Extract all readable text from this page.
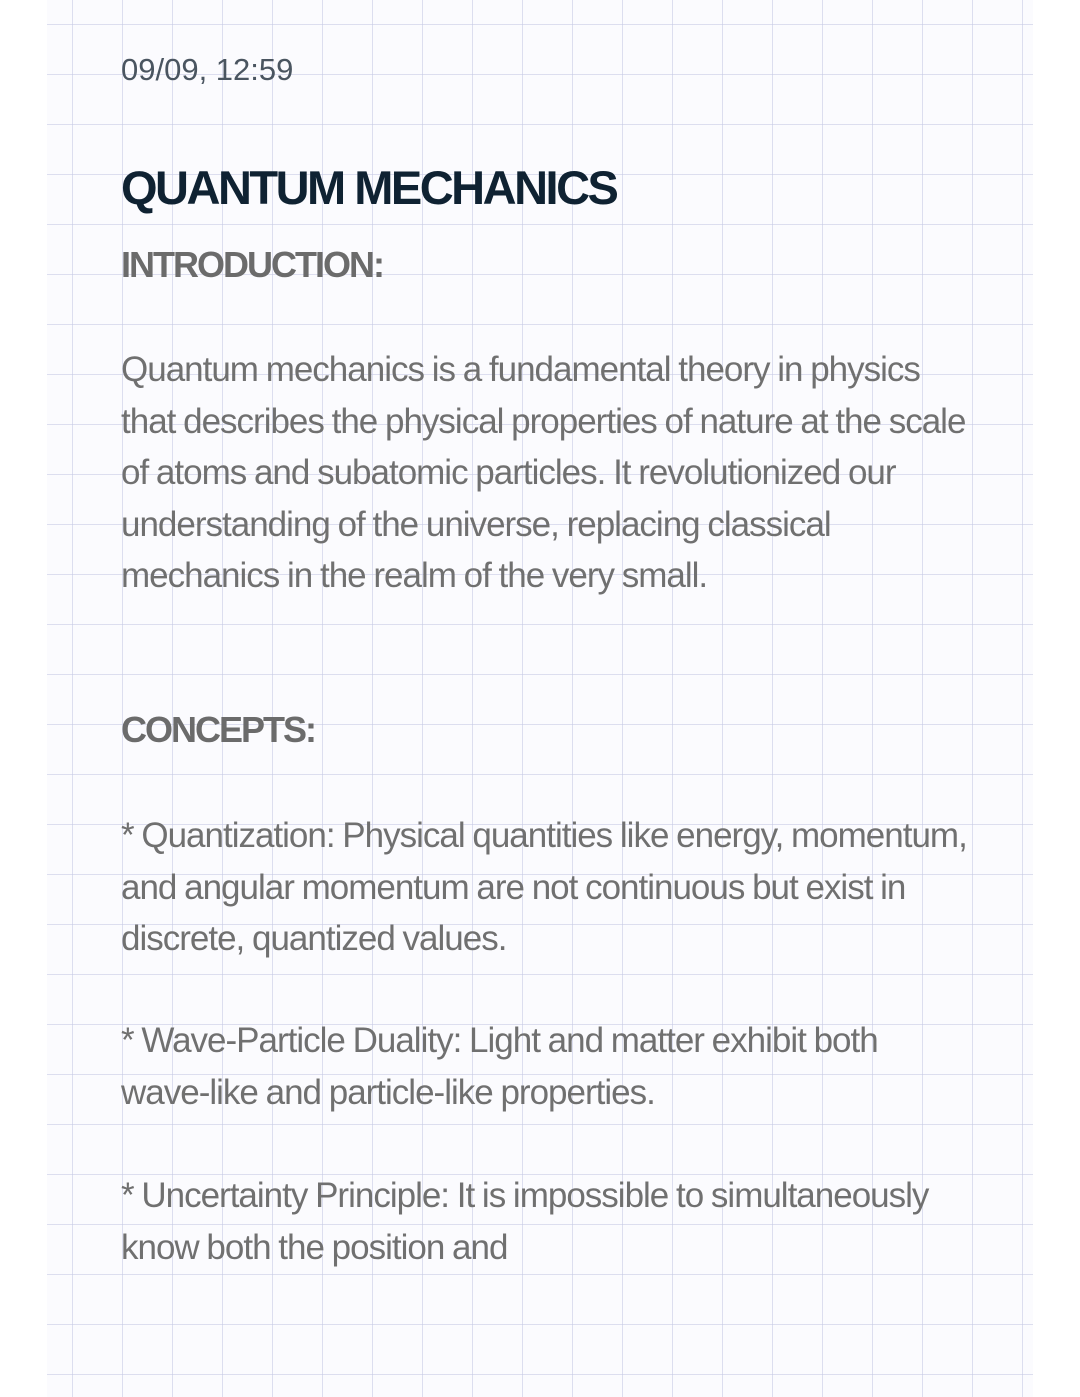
09/09, 12:59
QUANTUM MECHANICS
INTRODUCTION:
Quantum mechanics is a fundamental theory in physics that describes the physical properties of nature at the scale of atoms and subatomic particles. It revolutionized our understanding of the universe, replacing classical mechanics in the realm of the very small.
CONCEPTS:
* Quantization: Physical quantities like energy, momentum, and angular momentum are not continuous but exist in discrete, quantized values.
* Wave-Particle Duality: Light and matter exhibit both wave-like and particle-like properties.
* Uncertainty Principle: It is impossible to simultaneously know both the position and
